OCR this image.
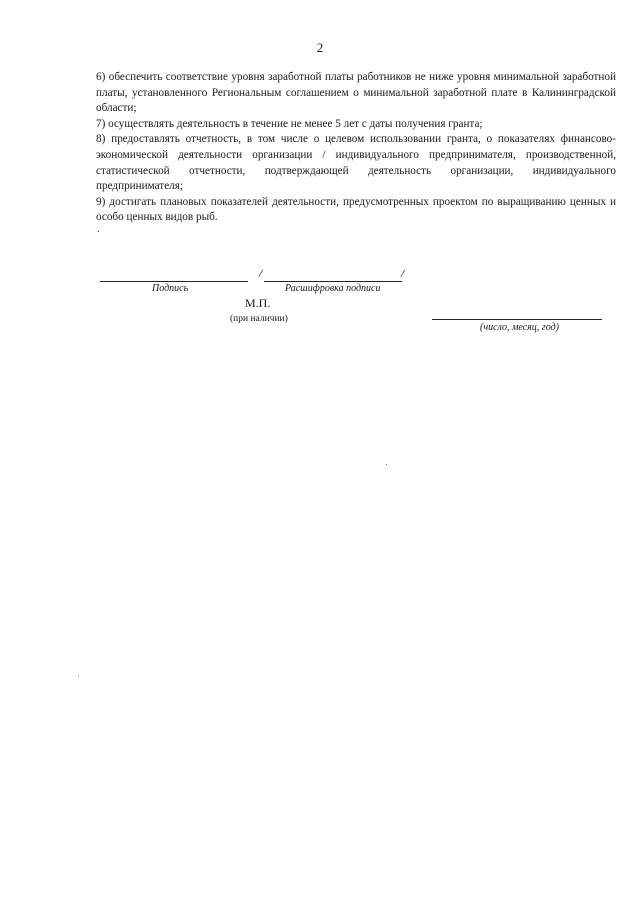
2

6) обеспечить соответствие уровня заработной платы работников не ниже уровня минимальной заработной платы, установленного Региональным соглашением о минимальной заработной плате в Калининградской области;

7) осуществлять деятельность в течение не менее 5 лет с даты получения гранта;

8) предоставлять отчетность, в том числе о целевом использовании гранта, о показателях финансово-экономической деятельности организации / индивидуального предпринимателя, производственной, статистической отчетности, подтверждающей деятельность организации, индивидуального предпринимателя;

9) достигать плановых показателей деятельности, предусмотренных проектом по выращиванию ценных и особо ценных видов рыб.

.
/	/
Подпись	Расшифровка подписи
М.П.
(при наличии)
(число, месяц, год)
